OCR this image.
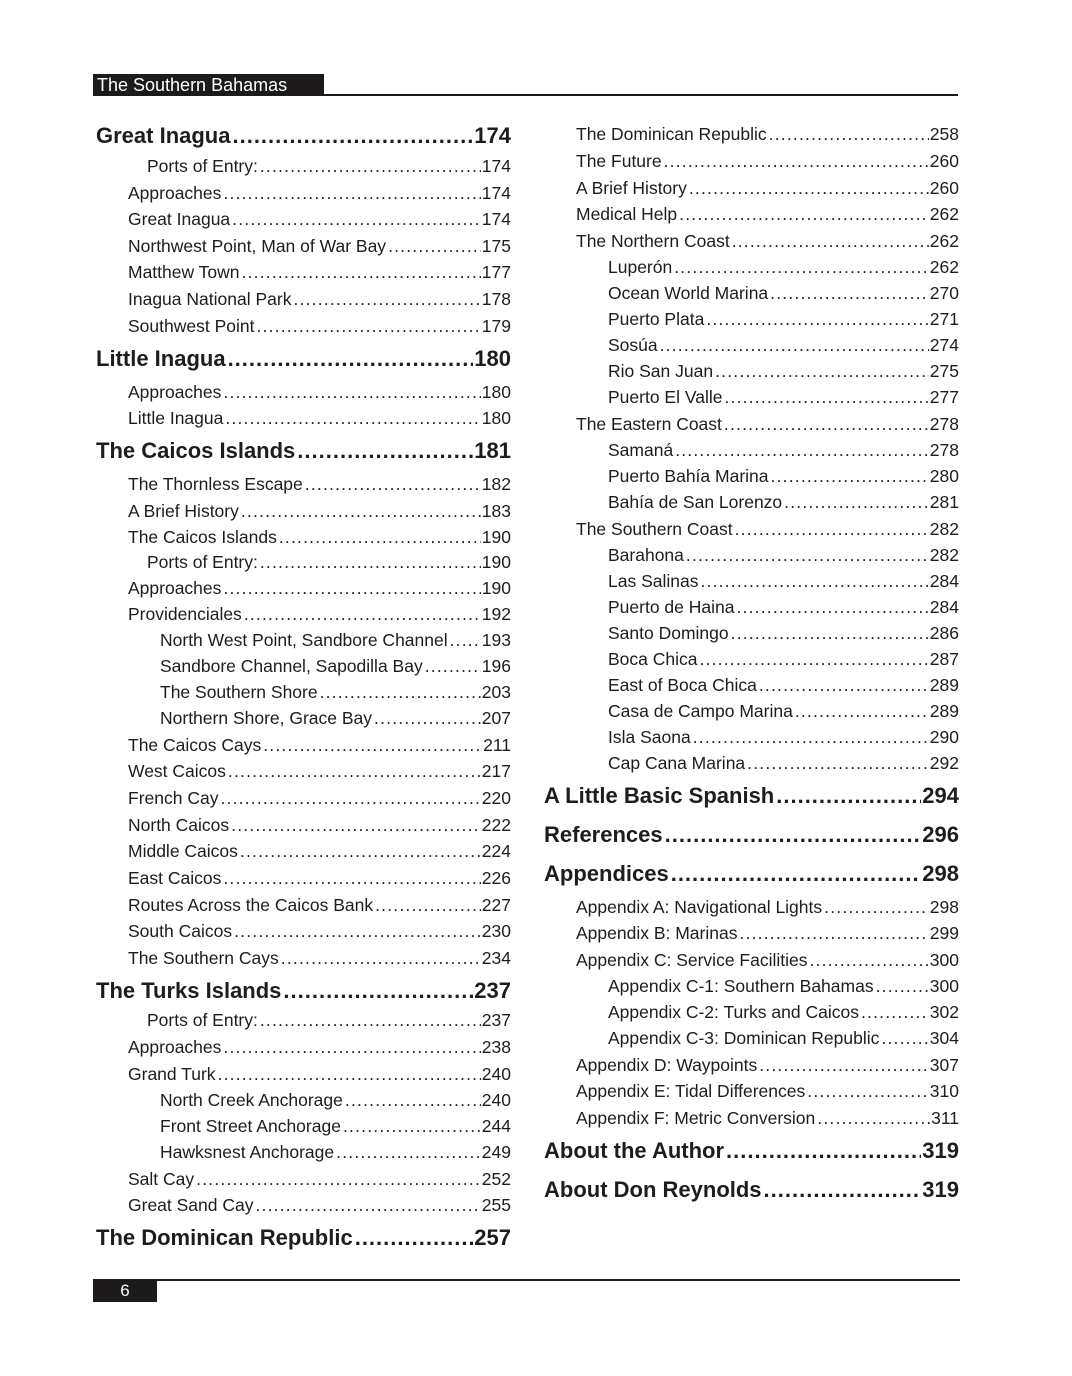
The Southern Bahamas
Great Inagua .....	174
Ports of Entry: .....	174
Approaches .....	174
Great Inagua .....	174
Northwest Point, Man of War Bay .....	175
Matthew Town .....	177
Inagua National Park .....	178
Southwest Point .....	179
Little Inagua .....	180
Approaches .....	180
Little Inagua .....	180
The Caicos Islands .....	181
The Thornless Escape .....	182
A Brief History .....	183
The Caicos Islands .....	190
Ports of Entry: .....	190
Approaches .....	190
Providenciales .....	192
North West Point, Sandbore Channel ..... 193
Sandbore Channel, Sapodilla Bay .....	196
The Southern Shore .....	203
Northern Shore, Grace Bay .....	207
The Caicos Cays .....	211
West Caicos .....	217
French Cay .....	220
North Caicos .....	222
Middle Caicos .....	224
East Caicos .....	226
Routes Across the Caicos Bank .....	227
South Caicos .....	230
The Southern Cays .....	234
The Turks Islands .....	237
Ports of Entry: .....	237
Approaches .....	238
Grand Turk .....	240
North Creek Anchorage .....	240
Front Street Anchorage .....	244
Hawksnest Anchorage .....	249
Salt Cay .....	252
Great Sand Cay .....	255
The Dominican Republic .....	257
The Dominican Republic .....	258
The Future .....	260
A Brief History .....	260
Medical Help .....	262
The Northern Coast .....	262
Luperón .....	262
Ocean World Marina .....	270
Puerto Plata .....	271
Sosúa .....	274
Rio San Juan .....	275
Puerto El Valle .....	277
The Eastern Coast .....	278
Samaná .....	278
Puerto Bahía Marina .....	280
Bahía de San Lorenzo .....	281
The Southern Coast .....	282
Barahona .....	282
Las Salinas .....	284
Puerto de Haina .....	284
Santo Domingo .....	286
Boca Chica .....	287
East of Boca Chica .....	289
Casa de Campo Marina .....	289
Isla Saona .....	290
Cap Cana Marina .....	292
A Little Basic Spanish .....	294
References .....	296
Appendices .....	298
Appendix A: Navigational Lights .....	298
Appendix B: Marinas .....	299
Appendix C: Service Facilities .....	300
Appendix C-1: Southern Bahamas .....	300
Appendix C-2: Turks and Caicos .....	302
Appendix C-3: Dominican Republic .....	304
Appendix D: Waypoints .....	307
Appendix E: Tidal Differences .....	310
Appendix F: Metric Conversion .....	311
About the Author .....	319
About Don Reynolds .....	319
6
